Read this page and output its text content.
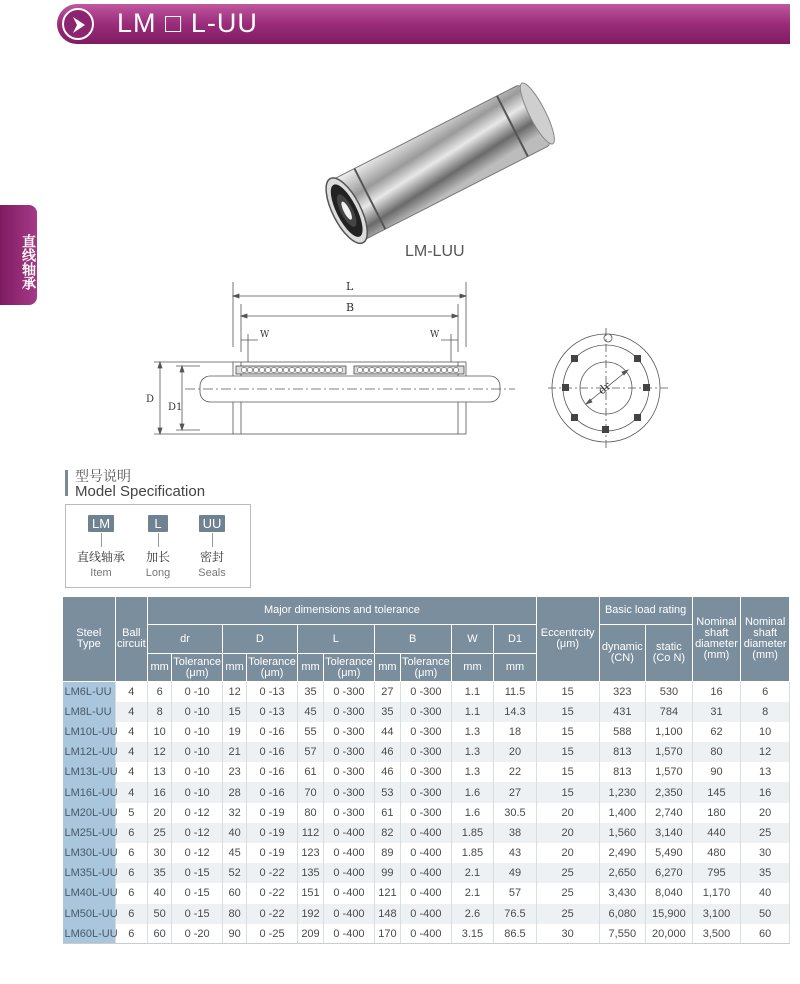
LM □ L-UU
直线轴承	LM-LUU
L
B
W	W
D
D1
dr
型号说明
Model Specification
LM
直线轴承
Item
L
加长
Long
UU
密封
Seals
Steel Type	Ball circuit	Major dimensions and tolerance										Eccentrcity (μm)	Basic load rating		Nominal shaft diameter (mm)	Nominal shaft diameter (mm)
		dr		D		L		B		W	D1		dynamic (CN)	static (Co N)		
		mm	Tolerance (μm)	mm	Tolerance (μm)	mm	Tolerance (μm)	mm	Tolerance (μm)	mm	mm					
LM6L-UU	4	6	0 -10	12	0 -13	35	0 -300	27	0 -300	1.1	11.5	15	323	530	16	6
LM8L-UU	4	8	0 -10	15	0 -13	45	0 -300	35	0 -300	1.1	14.3	15	431	784	31	8
LM10L-UU	4	10	0 -10	19	0 -16	55	0 -300	44	0 -300	1.3	18	15	588	1,100	62	10
LM12L-UU	4	12	0 -10	21	0 -16	57	0 -300	46	0 -300	1.3	20	15	813	1,570	80	12
LM13L-UU	4	13	0 -10	23	0 -16	61	0 -300	46	0 -300	1.3	22	15	813	1,570	90	13
LM16L-UU	4	16	0 -10	28	0 -16	70	0 -300	53	0 -300	1.6	27	15	1,230	2,350	145	16
LM20L-UU	5	20	0 -12	32	0 -19	80	0 -300	61	0 -300	1.6	30.5	20	1,400	2,740	180	20
LM25L-UU	6	25	0 -12	40	0 -19	112	0 -400	82	0 -400	1.85	38	20	1,560	3,140	440	25
LM30L-UU	6	30	0 -12	45	0 -19	123	0 -400	89	0 -400	1.85	43	20	2,490	5,490	480	30
LM35L-UU	6	35	0 -15	52	0 -22	135	0 -400	99	0 -400	2.1	49	25	2,650	6,270	795	35
LM40L-UU	6	40	0 -15	60	0 -22	151	0 -400	121	0 -400	2.1	57	25	3,430	8,040	1,170	40
LM50L-UU	6	50	0 -15	80	0 -22	192	0 -400	148	0 -400	2.6	76.5	25	6,080	15,900	3,100	50
LM60L-UU	6	60	0 -20	90	0 -25	209	0 -400	170	0 -400	3.15	86.5	30	7,550	20,000	3,500	60
